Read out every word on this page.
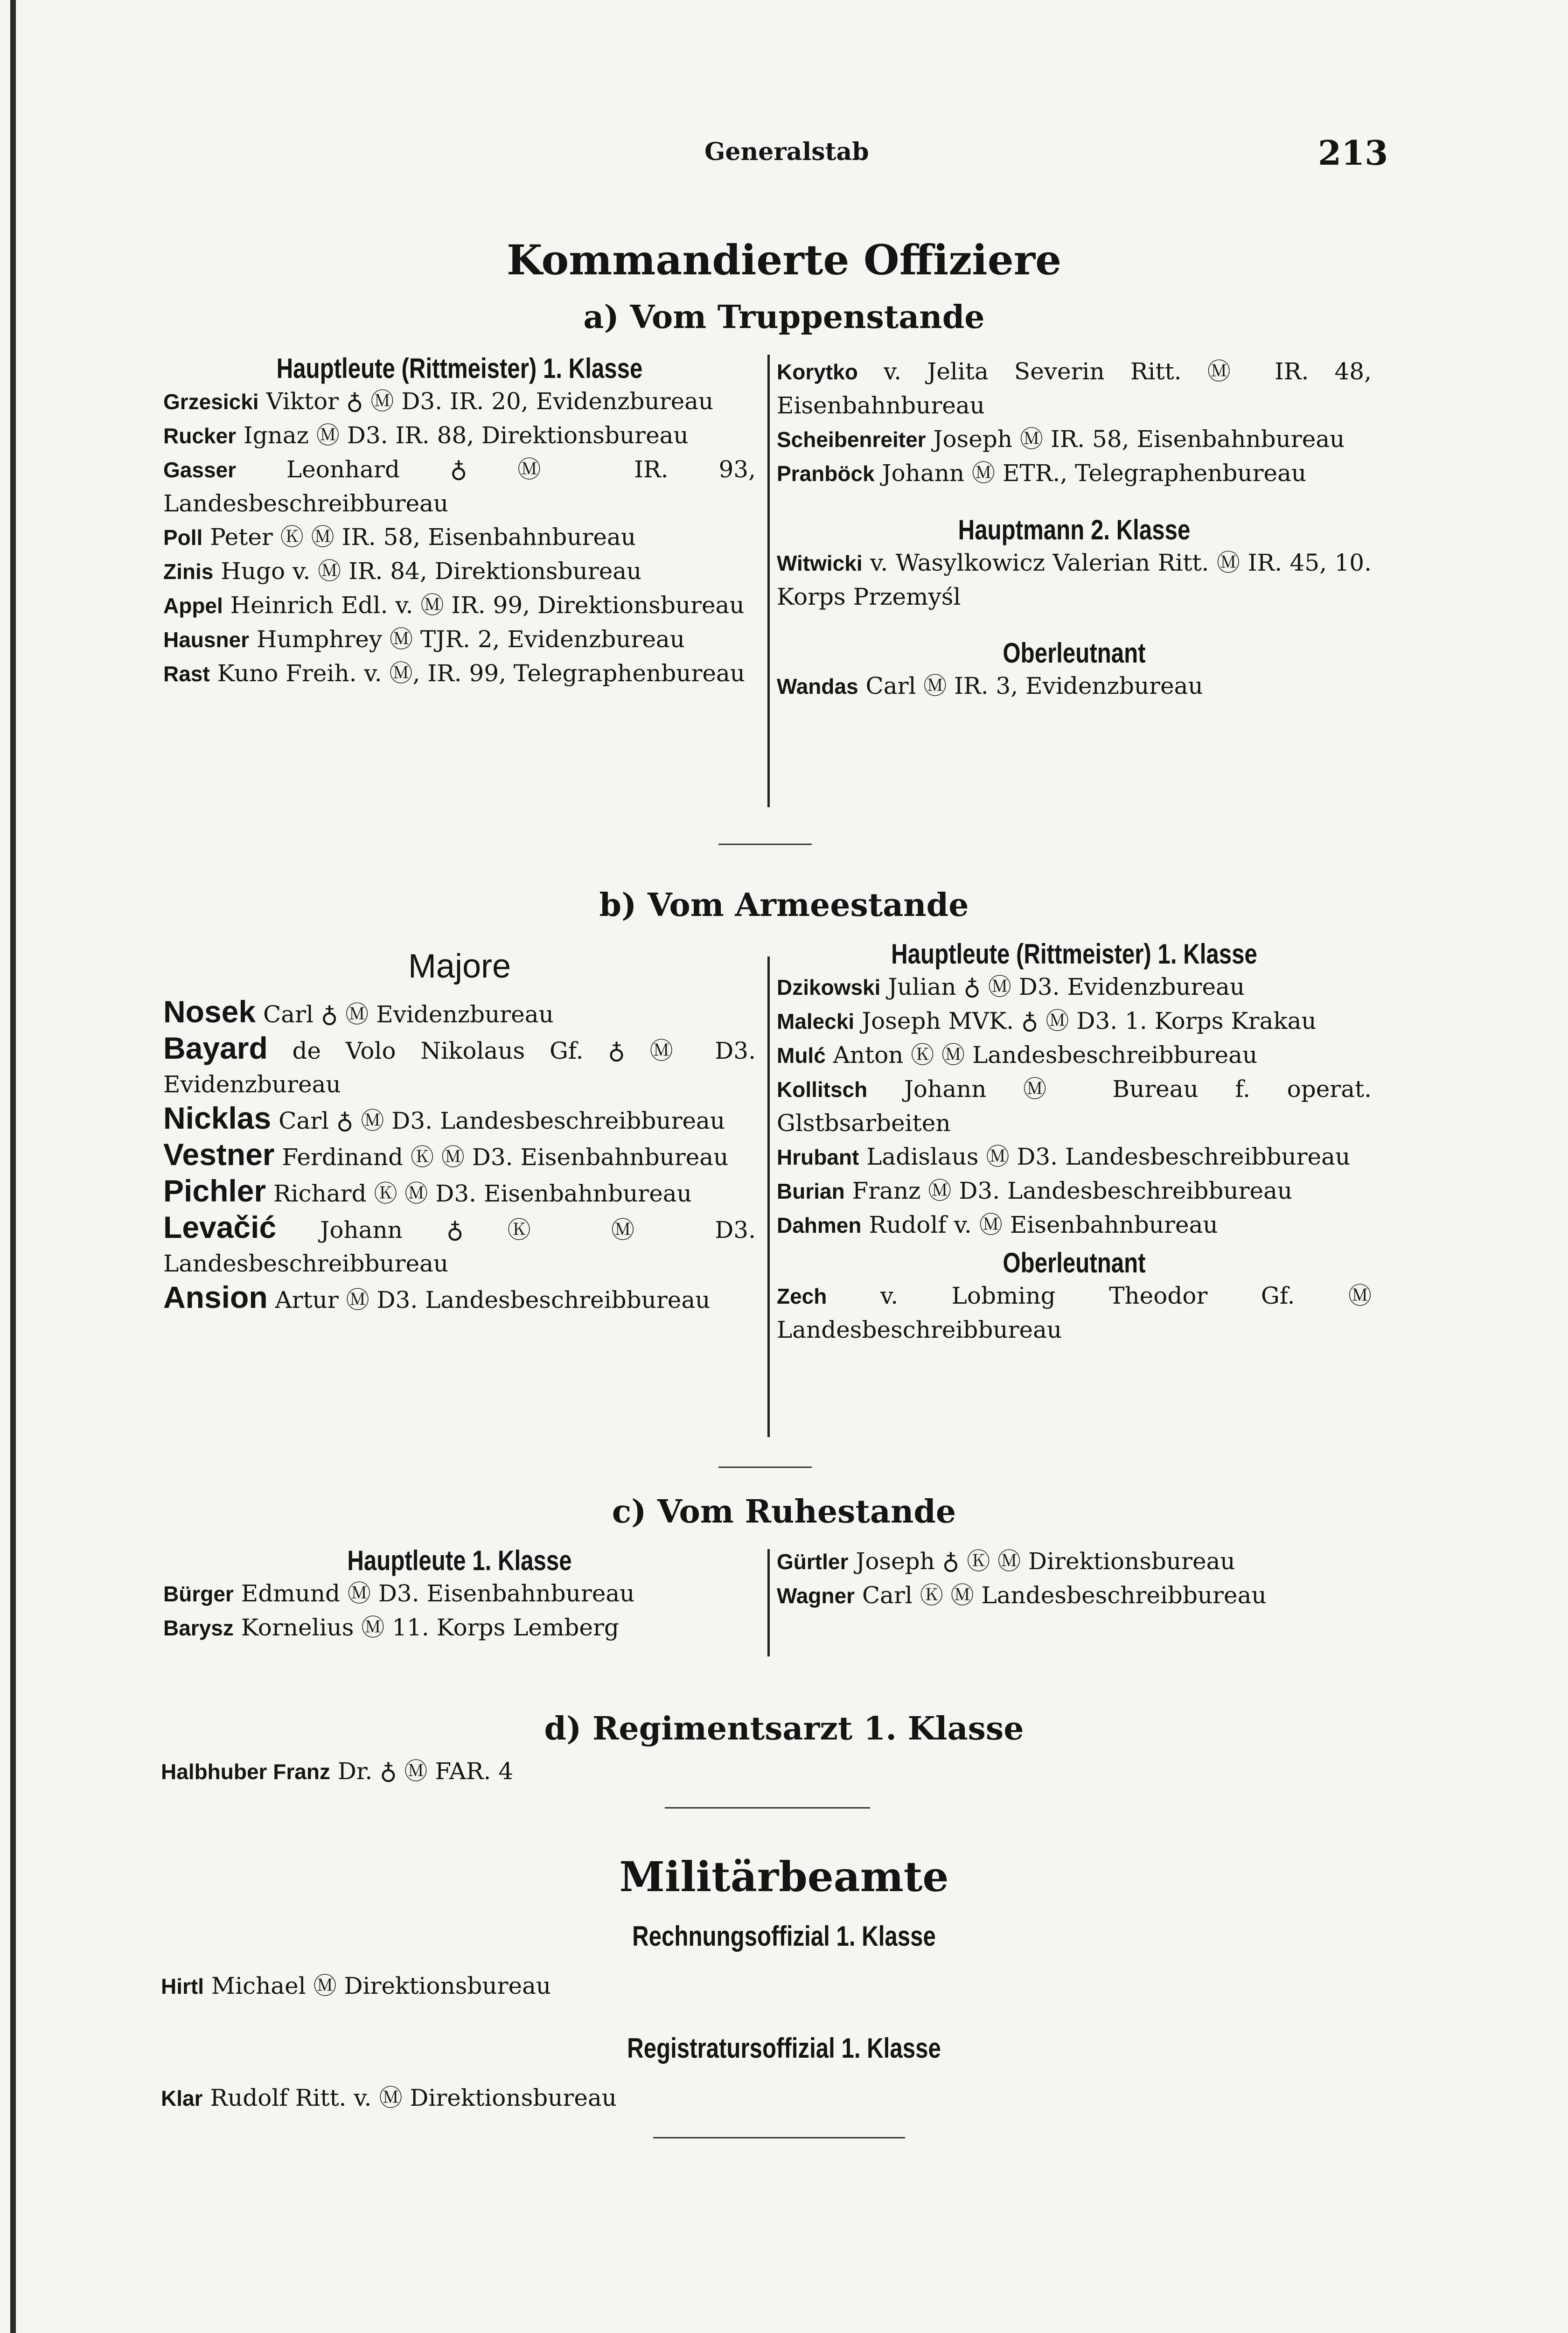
Generalstab	213
Kommandierte Offiziere
a) Vom Truppenstande
Hauptleute (Rittmeister) 1. Klasse

Grzesicki Viktor ♁ Ⓜ D3. IR. 20, Evidenzbureau

Rucker Ignaz Ⓜ D3. IR. 88, Direktionsbureau

Gasser Leonhard ♁ Ⓜ IR. 93, Landesbeschreibbureau

Poll Peter Ⓚ Ⓜ IR. 58, Eisenbahnbureau

Zinis Hugo v. Ⓜ IR. 84, Direktionsbureau

Appel Heinrich Edl. v. Ⓜ IR. 99, Direktionsbureau

Hausner Humphrey Ⓜ TJR. 2, Evidenzbureau

Rast Kuno Freih. v. Ⓜ, IR. 99, Telegraphenbureau

Korytko v. Jelita Severin Ritt. Ⓜ IR. 48, Eisenbahnbureau

Scheibenreiter Joseph Ⓜ IR. 58, Eisenbahnbureau

Pranböck Johann Ⓜ ETR., Telegraphenbureau

Hauptmann 2. Klasse

Witwicki v. Wasylkowicz Valerian Ritt. Ⓜ IR. 45, 10. Korps Przemyśl

Oberleutnant

Wandas Carl Ⓜ IR. 3, Evidenzbureau

b) Vom Armeestande
Majore

Nosek Carl ♁ Ⓜ Evidenzbureau

Bayard de Volo Nikolaus Gf. ♁ Ⓜ D3. Evidenzbureau

Nicklas Carl ♁ Ⓜ D3. Landesbeschreibbureau

Vestner Ferdinand Ⓚ Ⓜ D3. Eisenbahnbureau

Pichler Richard Ⓚ Ⓜ D3. Eisenbahnbureau

Levačić Johann ♁ Ⓚ Ⓜ D3. Landesbeschreibbureau

Ansion Artur Ⓜ D3. Landesbeschreibbureau

Hauptleute (Rittmeister) 1. Klasse

Dzikowski Julian ♁ Ⓜ D3. Evidenzbureau

Malecki Joseph MVK. ♁ Ⓜ D3. 1. Korps Krakau

Mulć Anton Ⓚ Ⓜ Landesbeschreibbureau

Kollitsch Johann Ⓜ Bureau f. operat. Glstbsarbeiten

Hrubant Ladislaus Ⓜ D3. Landesbeschreibbureau

Burian Franz Ⓜ D3. Landesbeschreibbureau

Dahmen Rudolf v. Ⓜ Eisenbahnbureau

Oberleutnant

Zech v. Lobming Theodor Gf. Ⓜ Landesbeschreibbureau

c) Vom Ruhestande
Hauptleute 1. Klasse

Bürger Edmund Ⓜ D3. Eisenbahnbureau

Barysz Kornelius Ⓜ 11. Korps Lemberg

Gürtler Joseph ♁ Ⓚ Ⓜ Direktionsbureau

Wagner Carl Ⓚ Ⓜ Landesbeschreibbureau

d) Regimentsarzt 1. Klasse

Halbhuber Franz Dr. ♁ Ⓜ FAR. 4

Militärbeamte
Rechnungsoffizial 1. Klasse

Hirtl Michael Ⓜ Direktionsbureau

Registratursoffizial 1. Klasse

Klar Rudolf Ritt. v. Ⓜ Direktionsbureau
